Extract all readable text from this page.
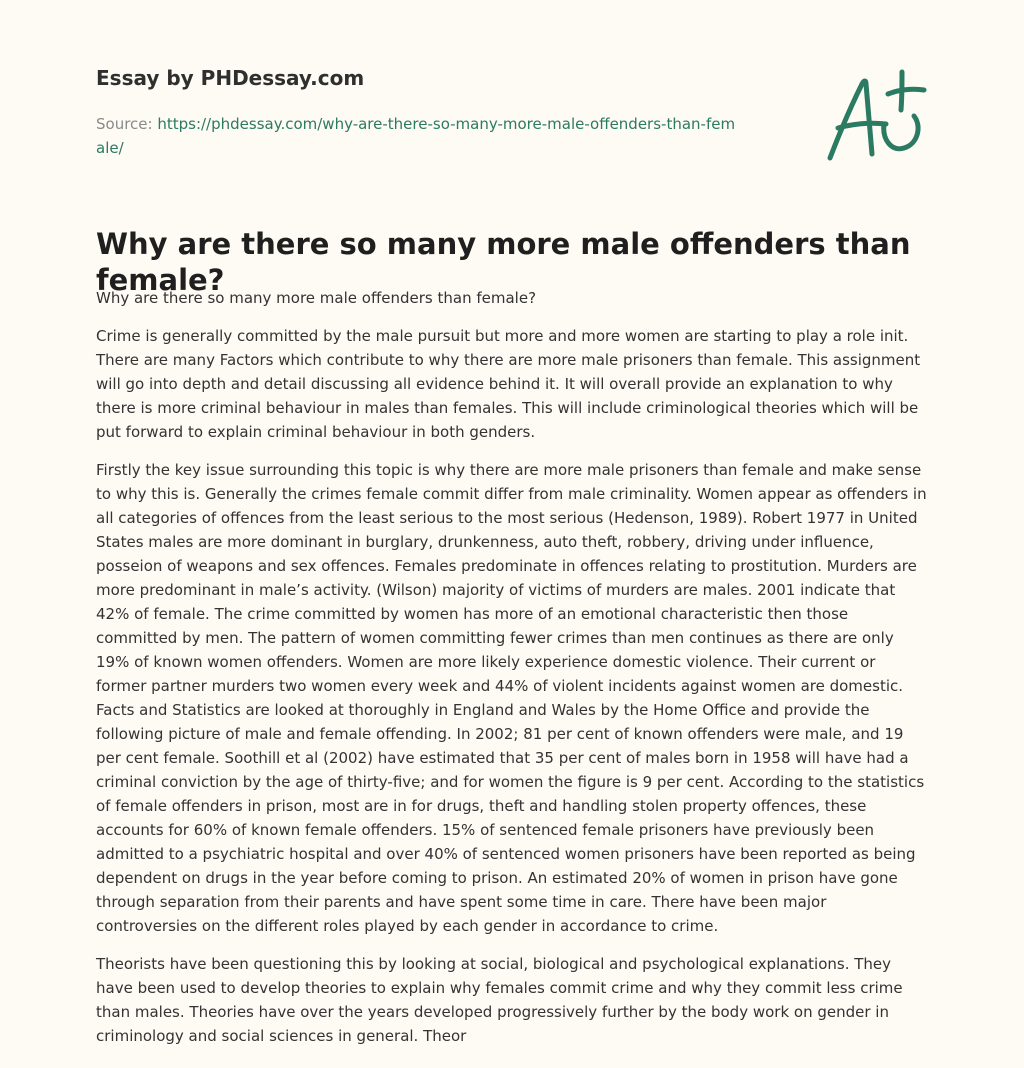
Essay by PHDessay.com
Source: https://phdessay.com/why-are-there-so-many-more-male-offenders-than-female/
Why are there so many more male offenders than female?

Why are there so many more male offenders than female?

Crime is generally committed by the male pursuit but more and more women are starting to play a role init. There are many Factors which contribute to why there are more male prisoners than female. This assignment will go into depth and detail discussing all evidence behind it. It will overall provide an explanation to why there is more criminal behaviour in males than females. This will include criminological theories which will be put forward to explain criminal behaviour in both genders.

Firstly the key issue surrounding this topic is why there are more male prisoners than female and make sense to why this is. Generally the crimes female commit differ from male criminality. Women appear as offenders in all categories of offences from the least serious to the most serious (Hedenson, 1989). Robert 1977 in United States males are more dominant in burglary, drunkenness, auto theft, robbery, driving under influence, posseion of weapons and sex offences. Females predominate in offences relating to prostitution. Murders are more predominant in male’s activity. (Wilson) majority of victims of murders are males. 2001 indicate that 42% of female. The crime committed by women has more of an emotional characteristic then those committed by men. The pattern of women committing fewer crimes than men continues as there are only 19% of known women offenders. Women are more likely experience domestic violence. Their current or former partner murders two women every week and 44% of violent incidents against women are domestic. Facts and Statistics are looked at thoroughly in England and Wales by the Home Office and provide the following picture of male and female offending. In 2002; 81 per cent of known offenders were male, and 19 per cent female. Soothill et al (2002) have estimated that 35 per cent of males born in 1958 will have had a criminal conviction by the age of thirty-five; and for women the figure is 9 per cent. According to the statistics of female offenders in prison, most are in for drugs, theft and handling stolen property offences, these accounts for 60% of known female offenders. 15% of sentenced female prisoners have previously been admitted to a psychiatric hospital and over 40% of sentenced women prisoners have been reported as being dependent on drugs in the year before coming to prison. An estimated 20% of women in prison have gone through separation from their parents and have spent some time in care. There have been major controversies on the different roles played by each gender in accordance to crime.

Theorists have been questioning this by looking at social, biological and psychological explanations. They have been used to develop theories to explain why females commit crime and why they commit less crime than males. Theories have over the years developed progressively further by the body work on gender in criminology and social sciences in general. Theor
